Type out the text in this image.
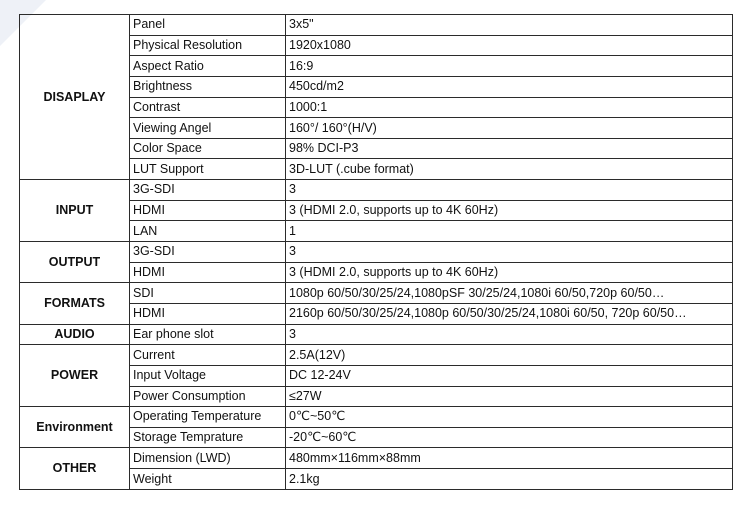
DISAPLAY	Panel	3x5"
	Physical Resolution	1920x1080
	Aspect Ratio	16:9
	Brightness	450cd/m2
	Contrast	1000:1
	Viewing Angel	160°/ 160°(H/V)
	Color Space	98% DCI-P3
	LUT Support	3D-LUT (.cube format)
INPUT	3G-SDI	3
	HDMI	3 (HDMI 2.0, supports up to 4K 60Hz)
	LAN	1
OUTPUT	3G-SDI	3
	HDMI	3 (HDMI 2.0, supports up to 4K 60Hz)
FORMATS	SDI	1080p 60/50/30/25/24,1080pSF 30/25/24,1080i 60/50,720p 60/50…
	HDMI	2160p 60/50/30/25/24,1080p 60/50/30/25/24,1080i 60/50, 720p 60/50…
AUDIO	Ear phone slot	3
POWER	Current	2.5A(12V)
	Input Voltage	DC 12-24V
	Power Consumption	≤27W
Environment	Operating Temperature	0℃~50℃
	Storage Temprature	-20℃~60℃
OTHER	Dimension (LWD)	480mm×116mm×88mm
	Weight	2.1kg
